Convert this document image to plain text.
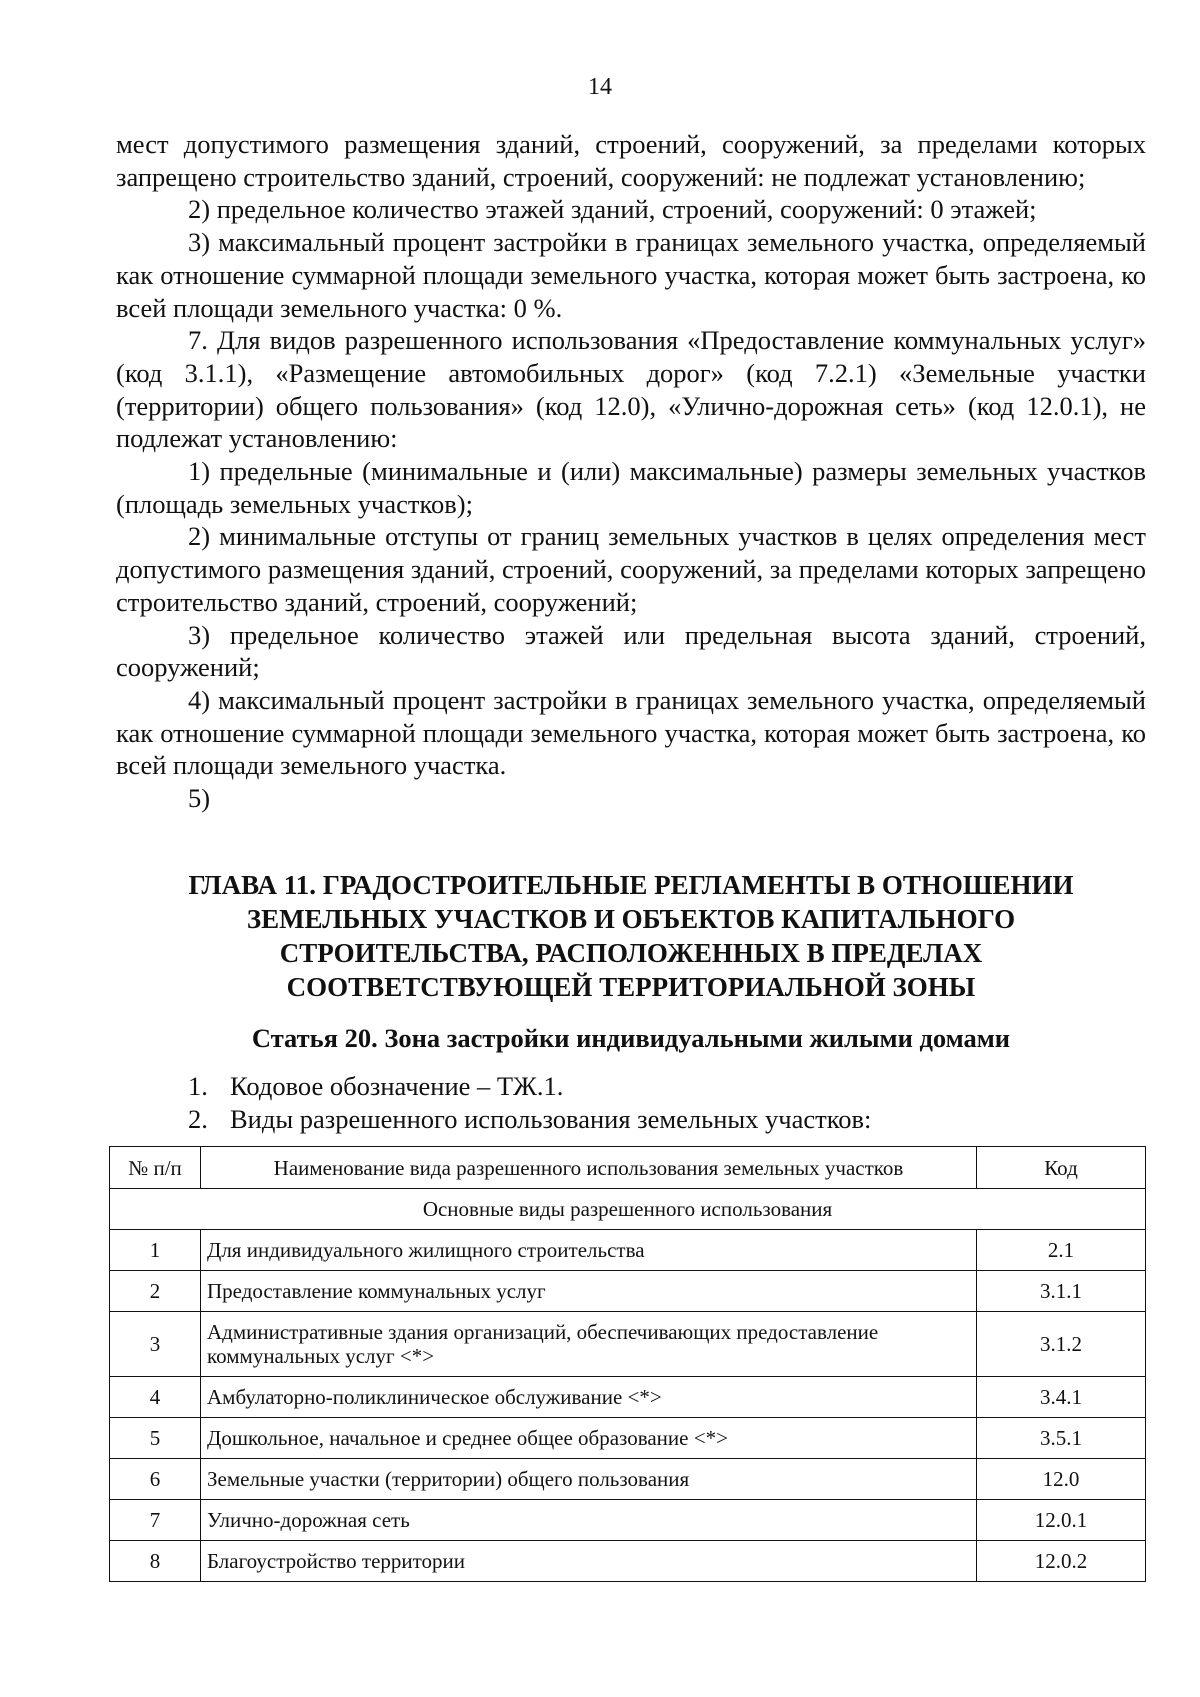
14

мест допустимого размещения зданий, строений, сооружений, за пределами которых запрещено строительство зданий, строений, сооружений: не подлежат установлению;

2) предельное количество этажей зданий, строений, сооружений: 0 этажей;

3) максимальный процент застройки в границах земельного участка, определяемый как отношение суммарной площади земельного участка, которая может быть застроена, ко всей площади земельного участка: 0 %.

7. Для видов разрешенного использования «Предоставление коммунальных услуг» (код 3.1.1), «Размещение автомобильных дорог» (код 7.2.1) «Земельные участки (территории) общего пользования» (код 12.0), «Улично-дорожная сеть» (код 12.0.1), не подлежат установлению:

1) предельные (минимальные и (или) максимальные) размеры земельных участков (площадь земельных участков);

2) минимальные отступы от границ земельных участков в целях определения мест допустимого размещения зданий, строений, сооружений, за пределами которых запрещено строительство зданий, строений, сооружений;

3) предельное количество этажей или предельная высота зданий, строений, сооружений;

4) максимальный процент застройки в границах земельного участка, определяемый как отношение суммарной площади земельного участка, которая может быть застроена, ко всей площади земельного участка.

5)

ГЛАВА 11. ГРАДОСТРОИТЕЛЬНЫЕ РЕГЛАМЕНТЫ В ОТНОШЕНИИ
ЗЕМЕЛЬНЫХ УЧАСТКОВ И ОБЪЕКТОВ КАПИТАЛЬНОГО
СТРОИТЕЛЬСТВА, РАСПОЛОЖЕННЫХ В ПРЕДЕЛАХ
СООТВЕТСТВУЮЩЕЙ ТЕРРИТОРИАЛЬНОЙ ЗОНЫ
Статья 20. Зона застройки индивидуальными жилыми домами
1. Кодовое обозначение – ТЖ.1.
2. Виды разрешенного использования земельных участков:
№ п/п	Наименование вида разрешенного использования земельных участков	Код
Основные виды разрешенного использования		
1	Для индивидуального жилищного строительства	2.1
2	Предоставление коммунальных услуг	3.1.1
3	Административные здания организаций, обеспечивающих предоставление коммунальных услуг <*>	3.1.2
4	Амбулаторно-поликлиническое обслуживание <*>	3.4.1
5	Дошкольное, начальное и среднее общее образование <*>	3.5.1
6	Земельные участки (территории) общего пользования	12.0
7	Улично-дорожная сеть	12.0.1
8	Благоустройство территории	12.0.2
